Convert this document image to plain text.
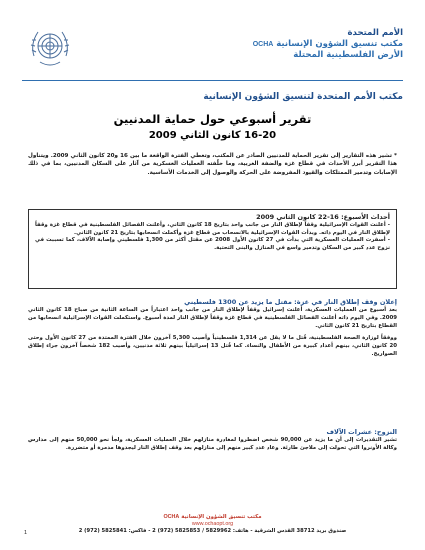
الأمم المتحدة
مكتب تنسيق الشؤون الإنسانية OCHA
الأرض الفلسطينية المحتلة
مكتب الأمم المتحدة لتنسيق الشؤون الإنسانية
تقرير أسبوعي حول حماية المدنيين
16-20 كانون الثاني 2009
* تشير هذه التقارير إلى تقرير الحماية للمدنيين الصادر عن المكتب، وتغطي الفترة الواقعة ما بين 16 و20 كانون الثاني 2009. ويتناول هذا التقرير أبرز الأحداث في قطاع غزة والضفة الغربية، وما خلّفته العمليات العسكرية من آثار على السكان المدنيين، بما في ذلك الإصابات وتدمير الممتلكات والقيود المفروضة على الحركة والوصول إلى الخدمات الأساسية.
أحداث الأسبوع: 16-22 كانون الثاني 2009
- أعلنت القوات الإسرائيلية وقفاً لإطلاق النار من جانب واحد بتاريخ 18 كانون الثاني، وأعلنت الفصائل الفلسطينية في قطاع غزة وقفاً لإطلاق النار في اليوم ذاته. وبدأت القوات الإسرائيلية بالانسحاب من قطاع غزة وأكملت انسحابها بتاريخ 21 كانون الثاني.
- أسفرت العمليات العسكرية التي بدأت في 27 كانون الأول 2008 عن مقتل أكثر من 1,300 فلسطيني وإصابة الآلاف، كما تسببت في نزوح عدد كبير من السكان وتدمير واسع في المنازل والبنى التحتية.
إعلان وقف إطلاق النار في غزة: مقتل ما يزيد عن 1300 فلسطيني
بعد أسبوع من العمليات العسكرية، أعلنت إسرائيل وقفاً لإطلاق النار من جانب واحد اعتباراً من الساعة الثانية من صباح 18 كانون الثاني 2009. وفي اليوم ذاته أعلنت الفصائل الفلسطينية في قطاع غزة وقفاً لإطلاق النار لمدة أسبوع. واستكملت القوات الإسرائيلية انسحابها من القطاع بتاريخ 21 كانون الثاني.
ووفقاً لوزارة الصحة الفلسطينية، قُتل ما لا يقل عن 1,314 فلسطينياً وأصيب 5,300 آخرون خلال الفترة الممتدة من 27 كانون الأول وحتى 20 كانون الثاني، بينهم أعداد كبيرة من الأطفال والنساء. كما قُتل 13 إسرائيلياً بينهم ثلاثة مدنيين، وأصيب 182 شخصاً آخرون جراء إطلاق الصواريخ.
النزوح: عشرات الآلاف
تشير التقديرات إلى أن ما يزيد عن 90,000 شخص اضطروا لمغادرة منازلهم خلال العمليات العسكرية، ولجأ نحو 50,000 منهم إلى مدارس وكالة الأونروا التي تحولت إلى ملاجئ طارئة. وعاد عدد كبير منهم إلى منازلهم بعد وقف إطلاق النار ليجدوها مدمرة أو متضررة.
مكتب تنسيق الشؤون الإنسانية OCHA
www.ochaopt.org
صندوق بريد 38712 القدس الشرقية - هاتف: 5829962 / 5825853 (972) 2 - فاكس: 5825841 (972) 2
1
